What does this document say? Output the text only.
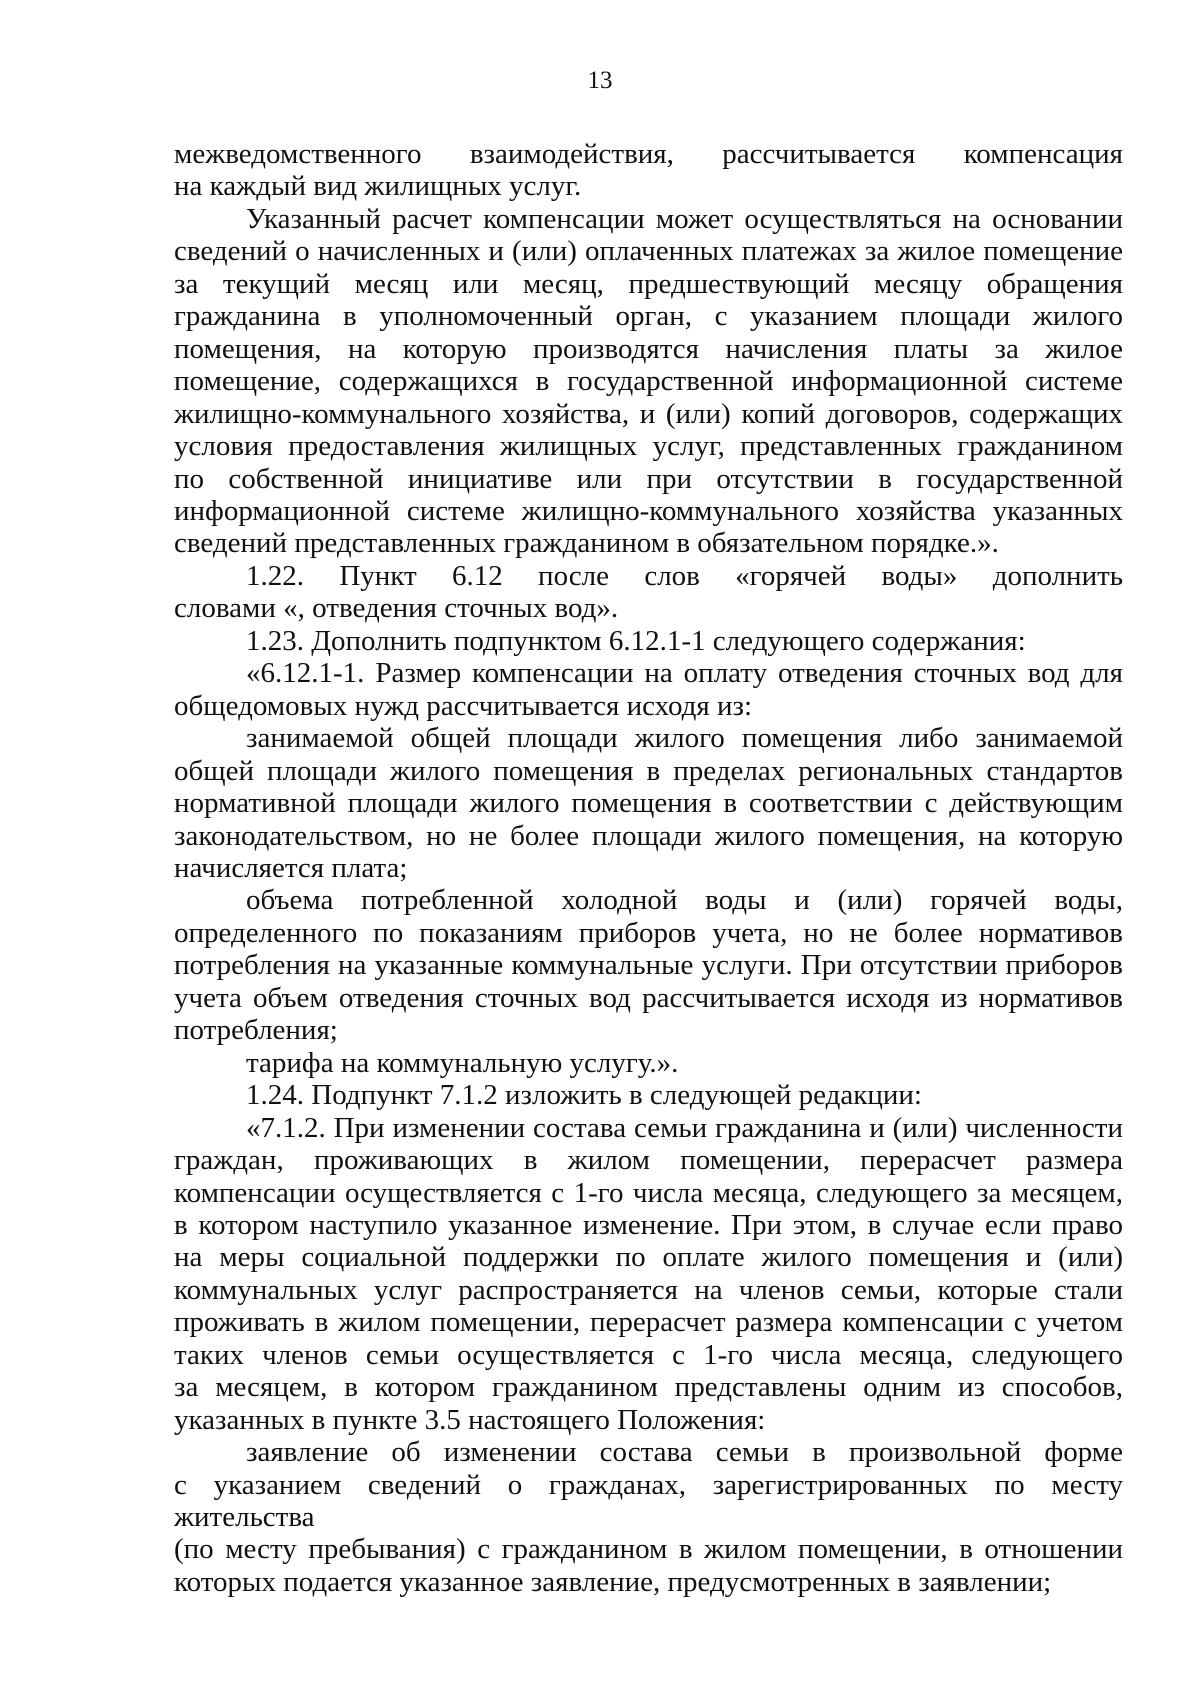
13

межведомственного взаимодействия, рассчитывается компенсация
на каждый вид жилищных услуг.

Указанный расчет компенсации может осуществляться на основании
сведений о начисленных и (или) оплаченных платежах за жилое помещение
за текущий месяц или месяц, предшествующий месяцу обращения
гражданина в уполномоченный орган, с указанием площади жилого
помещения, на которую производятся начисления платы за жилое
помещение, содержащихся в государственной информационной системе
жилищно-коммунального хозяйства, и (или) копий договоров, содержащих
условия предоставления жилищных услуг, представленных гражданином
по собственной инициативе или при отсутствии в государственной
информационной системе жилищно-коммунального хозяйства указанных
сведений представленных гражданином в обязательном порядке.».

1.22. Пункт 6.12 после слов «горячей воды» дополнить
словами «, отведения сточных вод».

1.23. Дополнить подпунктом 6.12.1-1 следующего содержания:

«6.12.1-1. Размер компенсации на оплату отведения сточных вод для
общедомовых нужд рассчитывается исходя из:

занимаемой общей площади жилого помещения либо занимаемой
общей площади жилого помещения в пределах региональных стандартов
нормативной площади жилого помещения в соответствии с действующим
законодательством, но не более площади жилого помещения, на которую
начисляется плата;

объема потребленной холодной воды и (или) горячей воды,
определенного по показаниям приборов учета, но не более нормативов
потребления на указанные коммунальные услуги. При отсутствии приборов
учета объем отведения сточных вод рассчитывается исходя из нормативов
потребления;

тарифа на коммунальную услугу.».

1.24. Подпункт 7.1.2 изложить в следующей редакции:

«7.1.2. При изменении состава семьи гражданина и (или) численности
граждан, проживающих в жилом помещении, перерасчет размера
компенсации осуществляется с 1-го числа месяца, следующего за месяцем,
в котором наступило указанное изменение. При этом, в случае если право
на меры социальной поддержки по оплате жилого помещения и (или)
коммунальных услуг распространяется на членов семьи, которые стали
проживать в жилом помещении, перерасчет размера компенсации с учетом
таких членов семьи осуществляется с 1-го числа месяца, следующего
за месяцем, в котором гражданином представлены одним из способов,
указанных в пункте 3.5 настоящего Положения:

заявление об изменении состава семьи в произвольной форме
с указанием сведений о гражданах, зарегистрированных по месту жительства
(по месту пребывания) с гражданином в жилом помещении, в отношении
которых подается указанное заявление, предусмотренных в заявлении;
